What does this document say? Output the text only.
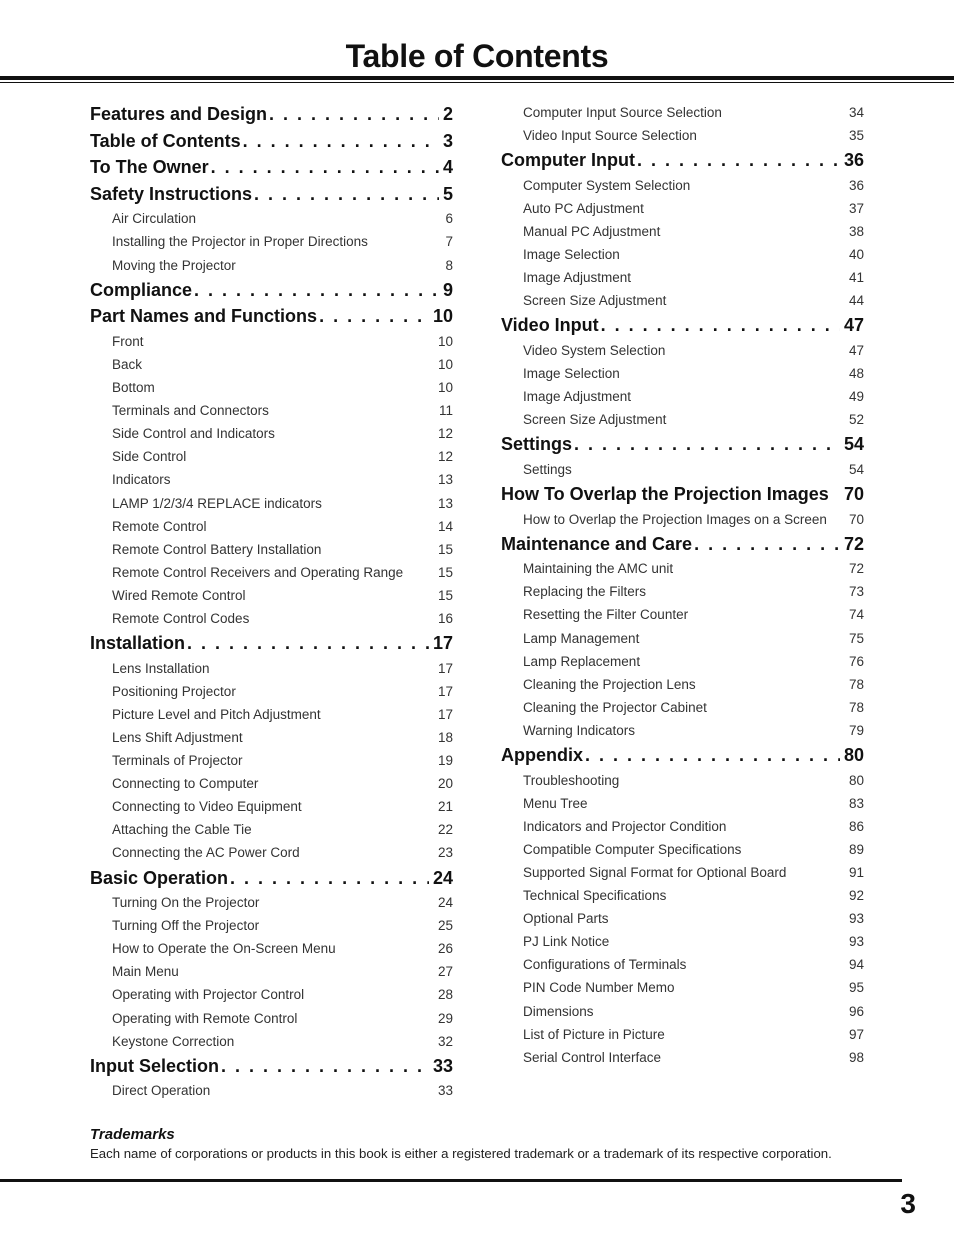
Table of Contents
Features and Design . . .	2
Table of Contents . . .	3
To The Owner . . .	4
Safety Instructions . . .	5
Air Circulation	6
Installing the Projector in Proper Directions	7
Moving the Projector	8
Compliance . . .	9
Part Names and Functions . . .	10
Front	10
Back	10
Bottom	10
Terminals and Connectors	11
Side Control and Indicators	12
Side Control	12
Indicators	13
LAMP 1/2/3/4 REPLACE indicators	13
Remote Control	14
Remote Control Battery Installation	15
Remote Control Receivers and Operating Range	15
Wired Remote Control	15
Remote Control Codes	16
Installation . . .	17
Lens Installation	17
Positioning Projector	17
Picture Level and Pitch Adjustment	17
Lens Shift Adjustment	18
Terminals of Projector	19
Connecting to Computer	20
Connecting to Video Equipment	21
Attaching the Cable Tie	22
Connecting the AC Power Cord	23
Basic Operation . . .	24
Turning On the Projector	24
Turning Off the Projector	25
How to Operate the On-Screen Menu	26
Main Menu	27
Operating with Projector Control	28
Operating with Remote Control	29
Keystone Correction	32
Input Selection . . .	33
Direct Operation	33
Computer Input Source Selection	34
Video Input Source Selection	35
Computer Input . . .	36
Computer System Selection	36
Auto PC Adjustment	37
Manual PC Adjustment	38
Image Selection	40
Image Adjustment	41
Screen Size Adjustment	44
Video Input . . .	47
Video System Selection	47
Image Selection	48
Image Adjustment	49
Screen Size Adjustment	52
Settings . . .	54
Settings	54
How To Overlap the Projection Images 70
How to Overlap the Projection Images on a Screen 70
Maintenance and Care . . .	72
Maintaining the AMC unit	72
Replacing the Filters	73
Resetting the Filter Counter	74
Lamp Management	75
Lamp Replacement	76
Cleaning the Projection Lens	78
Cleaning the Projector Cabinet	78
Warning Indicators	79
Appendix . . .	80
Troubleshooting	80
Menu Tree	83
Indicators and Projector Condition	86
Compatible Computer Specifications	89
Supported Signal Format for Optional Board	91
Technical Specifications	92
Optional Parts	93
PJ Link Notice	93
Configurations of Terminals	94
PIN Code Number Memo	95
Dimensions	96
List of Picture in Picture	97
Serial Control Interface	98
Trademarks
Each name of corporations or products in this book is either a registered trademark or a trademark of its respective corporation.
3
